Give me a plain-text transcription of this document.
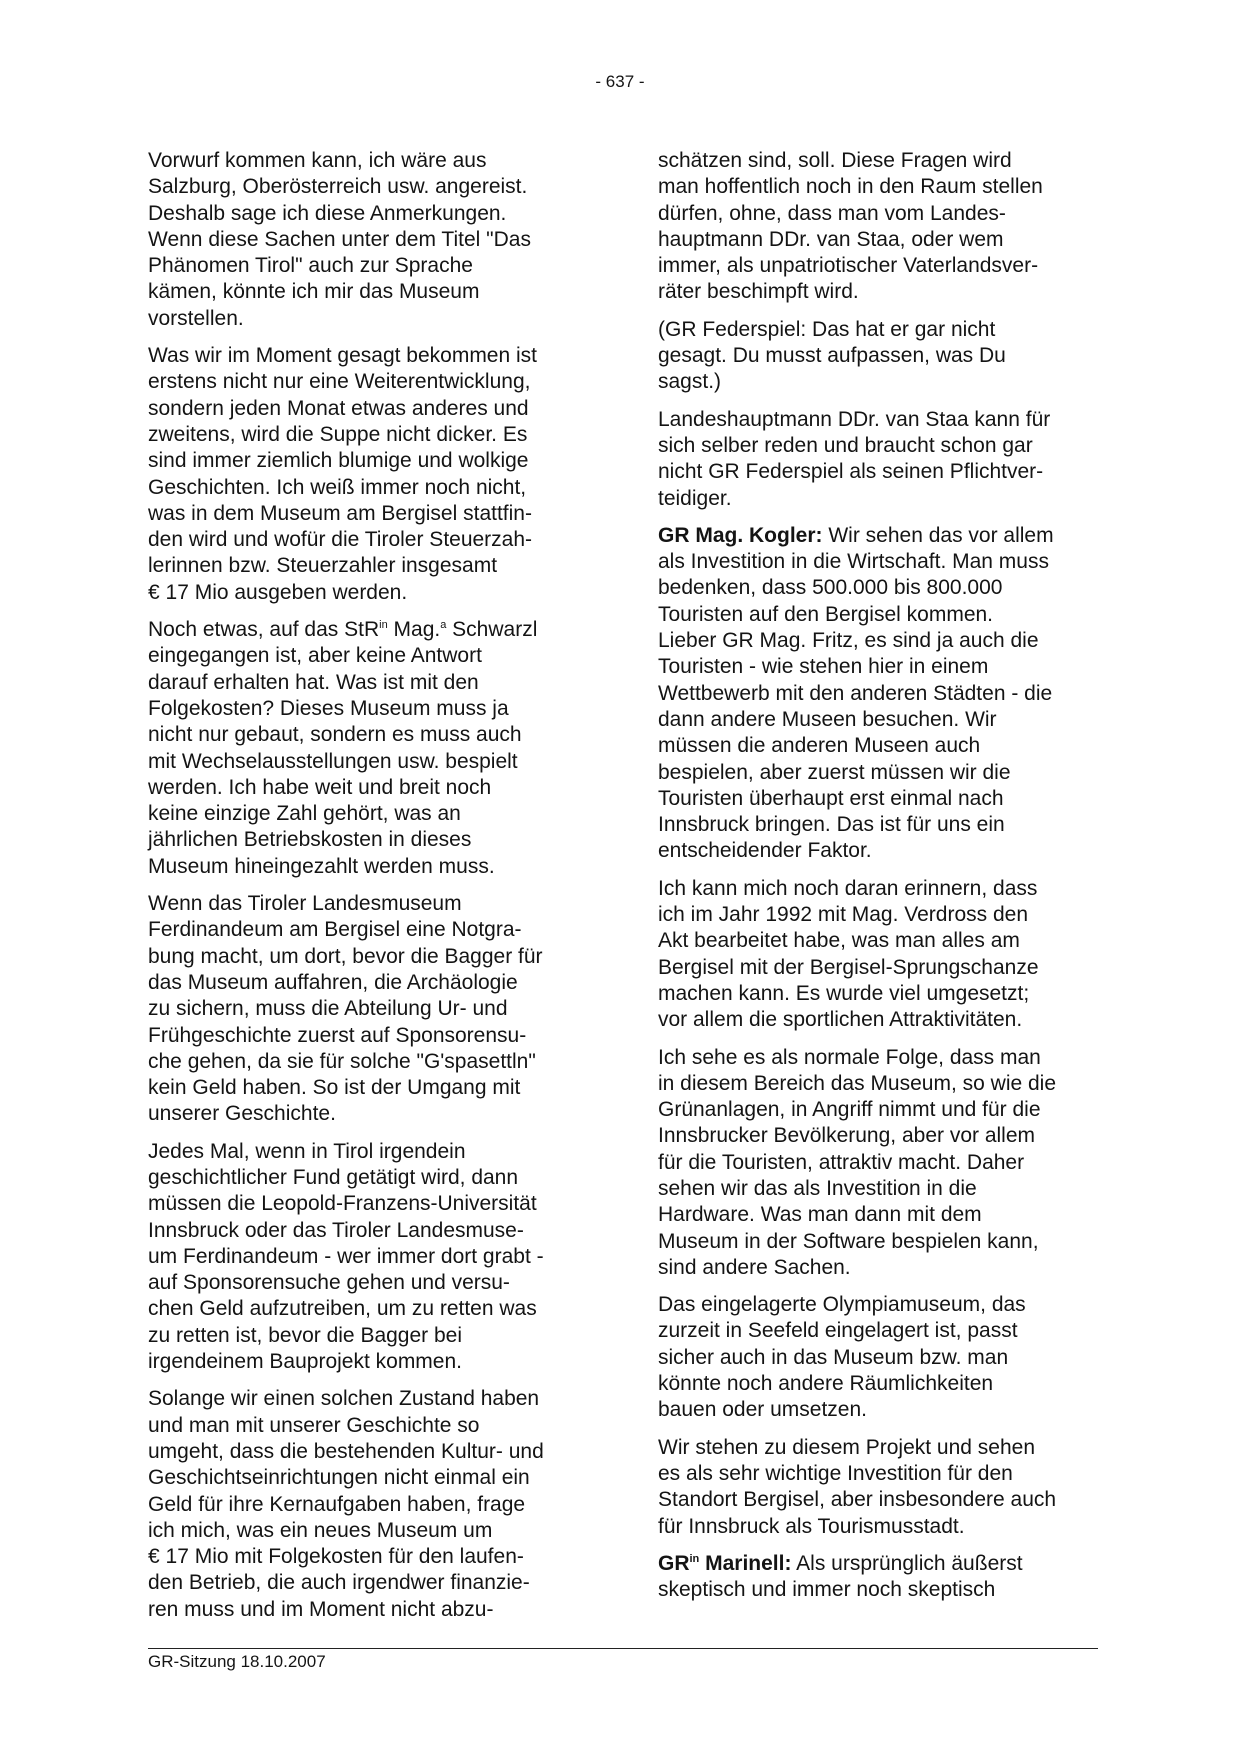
- 637 -

Vorwurf kommen kann, ich wäre aus
Salzburg, Oberösterreich usw. angereist.
Deshalb sage ich diese Anmerkungen.
Wenn diese Sachen unter dem Titel "Das
Phänomen Tirol" auch zur Sprache
kämen, könnte ich mir das Museum
vorstellen.

Was wir im Moment gesagt bekommen ist
erstens nicht nur eine Weiterentwicklung,
sondern jeden Monat etwas anderes und
zweitens, wird die Suppe nicht dicker. Es
sind immer ziemlich blumige und wolkige
Geschichten. Ich weiß immer noch nicht,
was in dem Museum am Bergisel stattfin-
den wird und wofür die Tiroler Steuerzah-
lerinnen bzw. Steuerzahler insgesamt
€ 17 Mio ausgeben werden.

Noch etwas, auf das StR$^{in}$ Mag.$^a$ Schwarzl
eingegangen ist, aber keine Antwort
darauf erhalten hat. Was ist mit den
Folgekosten? Dieses Museum muss ja
nicht nur gebaut, sondern es muss auch
mit Wechselausstellungen usw. bespielt
werden. Ich habe weit und breit noch
keine einzige Zahl gehört, was an
jährlichen Betriebskosten in dieses
Museum hineingezahlt werden muss.

Wenn das Tiroler Landesmuseum
Ferdinandeum am Bergisel eine Notgra-
bung macht, um dort, bevor die Bagger für
das Museum auffahren, die Archäologie
zu sichern, muss die Abteilung Ur- und
Frühgeschichte zuerst auf Sponsorensu-
che gehen, da sie für solche "G'spasettln"
kein Geld haben. So ist der Umgang mit
unserer Geschichte.

Jedes Mal, wenn in Tirol irgendein
geschichtlicher Fund getätigt wird, dann
müssen die Leopold-Franzens-Universität
Innsbruck oder das Tiroler Landesmuse-
um Ferdinandeum - wer immer dort grabt -
auf Sponsorensuche gehen und versu-
chen Geld aufzutreiben, um zu retten was
zu retten ist, bevor die Bagger bei
irgendeinem Bauprojekt kommen.

Solange wir einen solchen Zustand haben
und man mit unserer Geschichte so
umgeht, dass die bestehenden Kultur- und
Geschichtseinrichtungen nicht einmal ein
Geld für ihre Kernaufgaben haben, frage
ich mich, was ein neues Museum um
€ 17 Mio mit Folgekosten für den laufen-
den Betrieb, die auch irgendwer finanzie-
ren muss und im Moment nicht abzu-

schätzen sind, soll. Diese Fragen wird
man hoffentlich noch in den Raum stellen
dürfen, ohne, dass man vom Landes-
hauptmann DDr. van Staa, oder wem
immer, als unpatriotischer Vaterlandsver-
räter beschimpft wird.

(GR Federspiel: Das hat er gar nicht
gesagt. Du musst aufpassen, was Du
sagst.)

Landeshauptmann DDr. van Staa kann für
sich selber reden und braucht schon gar
nicht GR Federspiel als seinen Pflichtver-
teidiger.

GR Mag. Kogler: Wir sehen das vor allem
als Investition in die Wirtschaft. Man muss
bedenken, dass 500.000 bis 800.000
Touristen auf den Bergisel kommen.
Lieber GR Mag. Fritz, es sind ja auch die
Touristen - wie stehen hier in einem
Wettbewerb mit den anderen Städten - die
dann andere Museen besuchen. Wir
müssen die anderen Museen auch
bespielen, aber zuerst müssen wir die
Touristen überhaupt erst einmal nach
Innsbruck bringen. Das ist für uns ein
entscheidender Faktor.

Ich kann mich noch daran erinnern, dass
ich im Jahr 1992 mit Mag. Verdross den
Akt bearbeitet habe, was man alles am
Bergisel mit der Bergisel-Sprungschanze
machen kann. Es wurde viel umgesetzt;
vor allem die sportlichen Attraktivitäten.

Ich sehe es als normale Folge, dass man
in diesem Bereich das Museum, so wie die
Grünanlagen, in Angriff nimmt und für die
Innsbrucker Bevölkerung, aber vor allem
für die Touristen, attraktiv macht. Daher
sehen wir das als Investition in die
Hardware. Was man dann mit dem
Museum in der Software bespielen kann,
sind andere Sachen.

Das eingelagerte Olympiamuseum, das
zurzeit in Seefeld eingelagert ist, passt
sicher auch in das Museum bzw. man
könnte noch andere Räumlichkeiten
bauen oder umsetzen.

Wir stehen zu diesem Projekt und sehen
es als sehr wichtige Investition für den
Standort Bergisel, aber insbesondere auch
für Innsbruck als Tourismusstadt.

$GR^{in}$ Marinell: Als ursprünglich äußerst
skeptisch und immer noch skeptisch

GR-Sitzung 18.10.2007
